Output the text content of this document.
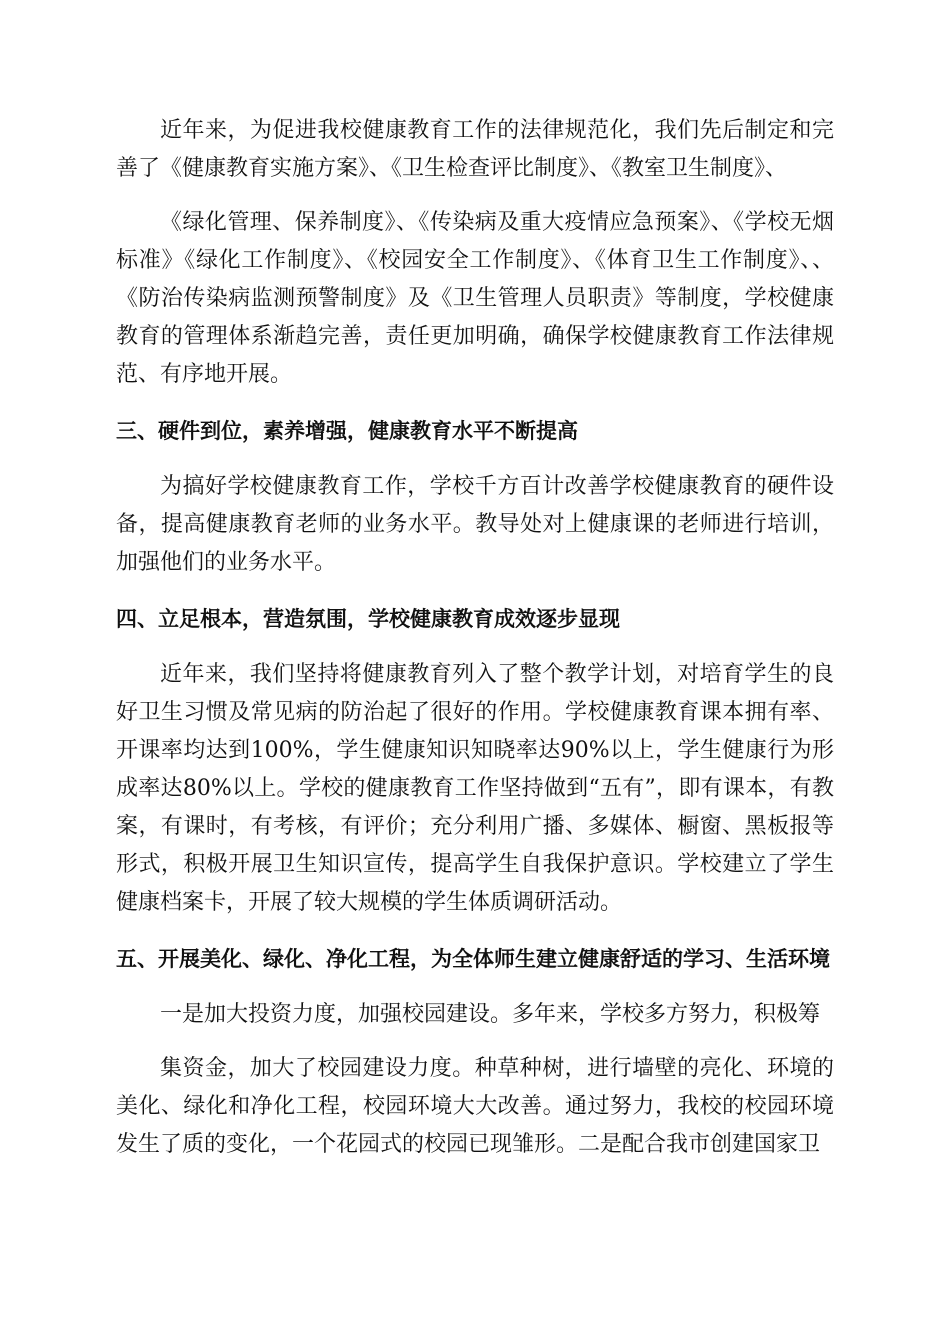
近年来，为促进我校健康教育工作的法律规范化，我们先后制定和完善了《健康教育实施方案》、《卫生检查评比制度》、《教室卫生制度》、

《绿化管理、保养制度》、《传染病及重大疫情应急预案》、《学校无烟标准》《绿化工作制度》、《校园安全工作制度》、《体育卫生工作制度》、、《防治传染病监测预警制度》及《卫生管理人员职责》等制度，学校健康教育的管理体系渐趋完善，责任更加明确，确保学校健康教育工作法律规范、有序地开展。

三、硬件到位，素养增强，健康教育水平不断提高

为搞好学校健康教育工作，学校千方百计改善学校健康教育的硬件设备，提高健康教育老师的业务水平。教导处对上健康课的老师进行培训，加强他们的业务水平。

四、立足根本，营造氛围，学校健康教育成效逐步显现

近年来，我们坚持将健康教育列入了整个教学计划，对培育学生的良好卫生习惯及常见病的防治起了很好的作用。学校健康教育课本拥有率、开课率均达到100%，学生健康知识知晓率达90%以上，学生健康行为形成率达80%以上。学校的健康教育工作坚持做到“五有”，即有课本，有教案，有课时，有考核，有评价；充分利用广播、多媒体、橱窗、黑板报等形式，积极开展卫生知识宣传，提高学生自我保护意识。学校建立了学生健康档案卡，开展了较大规模的学生体质调研活动。

五、开展美化、绿化、净化工程，为全体师生建立健康舒适的学习、生活环境

一是加大投资力度，加强校园建设。多年来，学校多方努力，积极筹

集资金，加大了校园建设力度。种草种树，进行墙壁的亮化、环境的美化、绿化和净化工程，校园环境大大改善。通过努力，我校的校园环境发生了质的变化，一个花园式的校园已现雏形。二是配合我市创建国家卫
